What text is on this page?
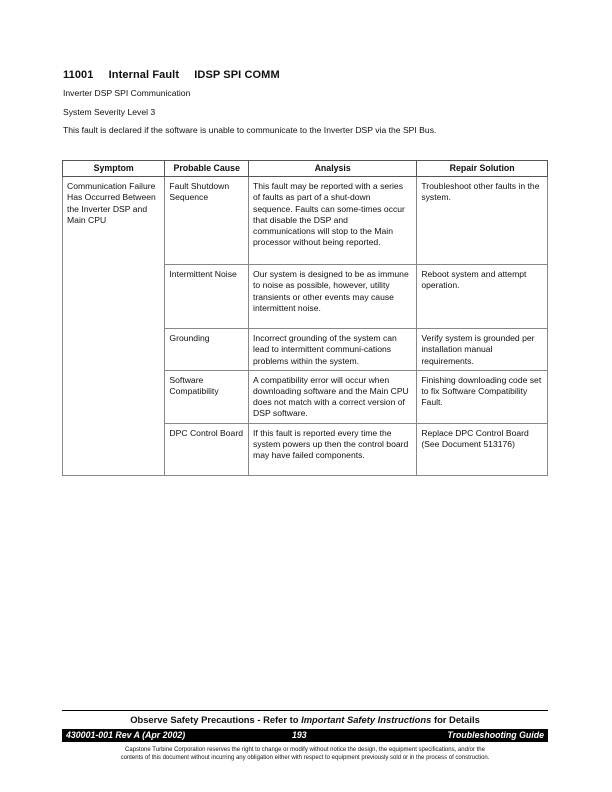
11001 Internal Fault IDSP SPI COMM
Inverter DSP SPI Communication
System Severity Level 3
This fault is declared if the software is unable to communicate to the Inverter DSP via the SPI Bus.
Symptom	Probable Cause	Analysis	Repair Solution
Communication Failure Has Occurred Between the Inverter DSP and Main CPU	Fault Shutdown Sequence	This fault may be reported with a series of faults as part of a shut-down sequence. Faults can some-times occur that disable the DSP and communications will stop to the Main processor without being reported.	Troubleshoot other faults in the system.
	Intermittent Noise	Our system is designed to be as immune to noise as possible, however, utility transients or other events may cause intermittent noise.	Reboot system and attempt operation.
	Grounding	Incorrect grounding of the system can lead to intermittent communi-cations problems within the system.	Verify system is grounded per installation manual requirements.
	Software Compatibility	A compatibility error will occur when downloading software and the Main CPU does not match with a correct version of DSP software.	Finishing downloading code set to fix Software Compatibility Fault.
	DPC Control Board	If this fault is reported every time the system powers up then the control board may have failed components.	Replace DPC Control Board (See Document 513176)
Observe Safety Precautions - Refer to Important Safety Instructions for Details
430001-001 Rev A (Apr 2002)	193	Troubleshooting Guide
Capstone Turbine Corporation reserves the right to change or modify without notice the design, the equipment specifications, and/or the
contents of this document without incurring any obligation either with respect to equipment previously sold or in the process of construction.
